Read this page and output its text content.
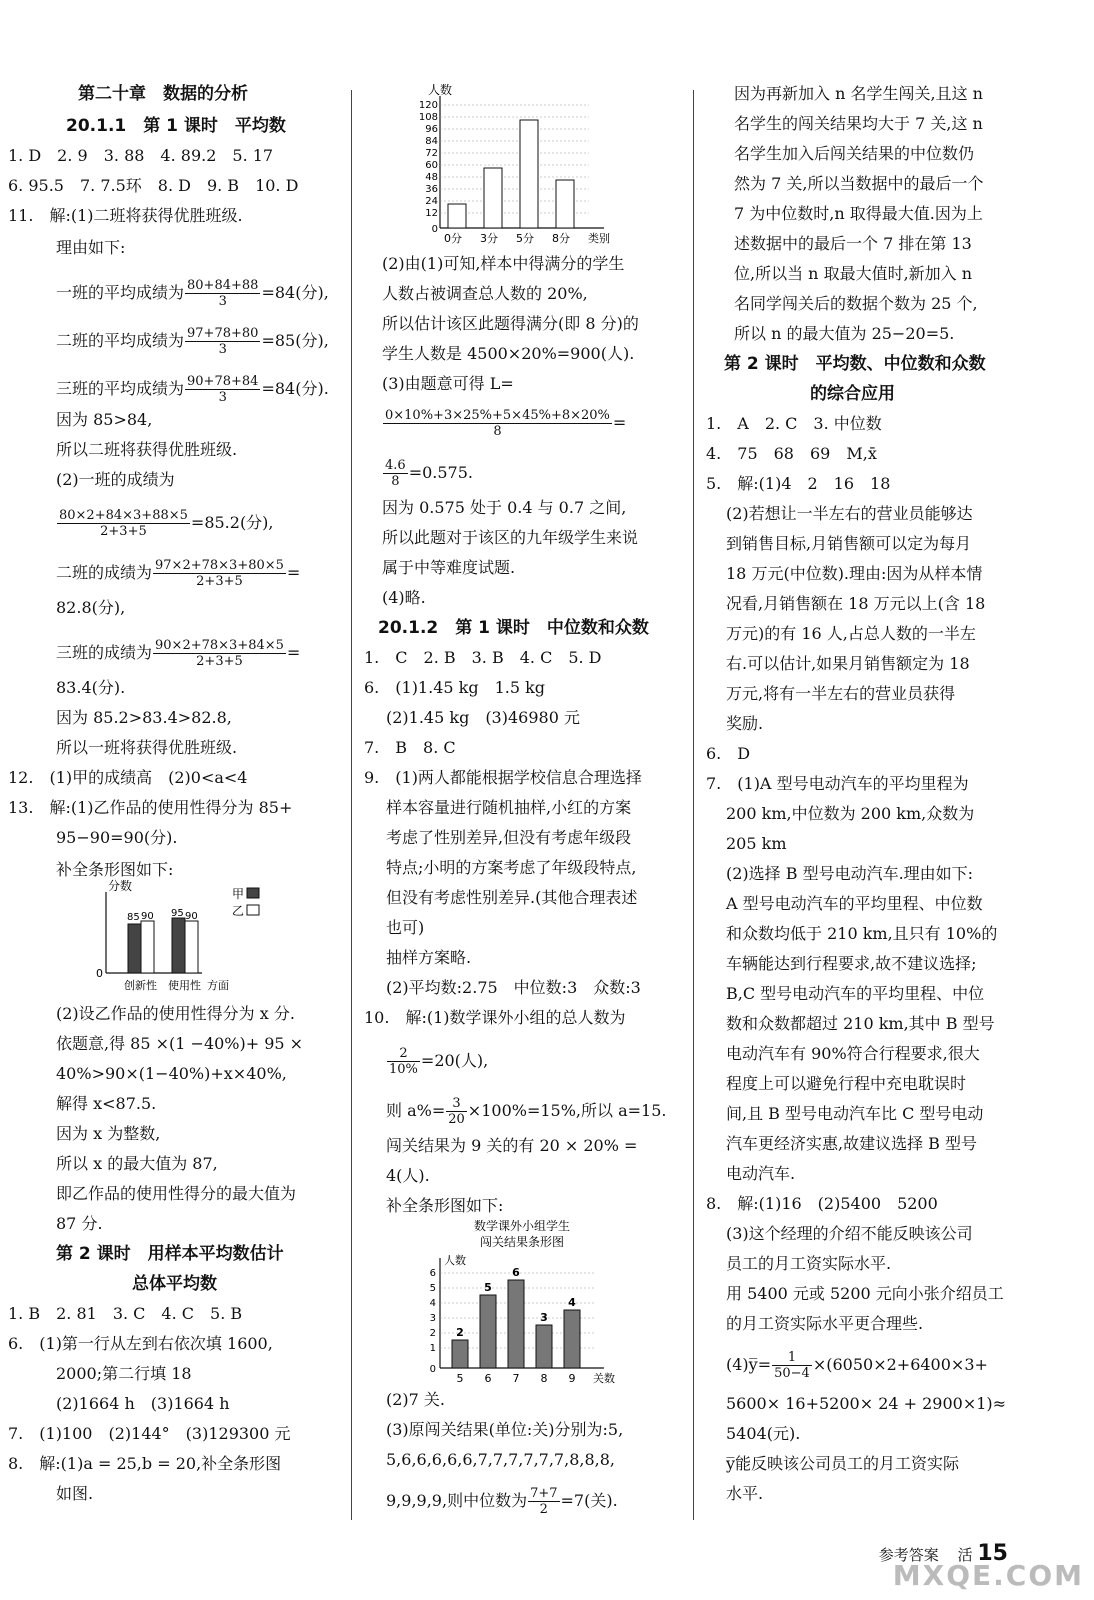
第二十章　数据的分析
20.1.1　第 1 课时　平均数
1. D　2. 9　3. 88　4. 89.2　5. 17
6. 95.5　7. 7.5环　8. D　9. B　10. D
11.　解:(1)二班将获得优胜班级.
理由如下:
一班的平均成绩为 $\frac{80+84+88}{3} =84$(分),
二班的平均成绩为 $\frac{97+78+80}{3} =85$(分),
三班的平均成绩为 $\frac{90+78+84}{3} =84$(分).
因为 85>84,
所以二班将获得优胜班级.
(2)一班的成绩为
$\frac{80\times 2+84\times 3+88\times 5}{2+3+5} =85.2$(分),
二班的成绩为 $\frac{97\times 2+78\times 3+80\times 5}{2+3+5}$ =
82.8(分),
三班的成绩为 $\frac{90\times 2+78\times 3+84\times 5}{2+3+5}$ =
83.4(分).
因为 85.2>83.4>82.8,
所以一班将获得优胜班级.
12.　(1)甲的成绩高　(2)0<a<4
13.　解:(1)乙作品的使用性得分为 85+
95−90=90(分).
补全条形图如下:
分数
0
85 90 95 90
甲
乙
创新性 使用性 方面
(2)设乙作品的使用性得分为 x 分.
依题意,得 85 ×(1 −40%)+ 95 ×
40%>90×(1−40%)+x×40%,
解得 x<87.5.
因为 x 为整数,
所以 x 的最大值为 87,
即乙作品的使用性得分的最大值为
87 分.
第 2 课时　用样本平均数估计
总体平均数
1. B　2. 81　3. C　4. C　5. B
6.　(1)第一行从左到右依次填 1600,
2000;第二行填 18
(2)1664 h　(3)1664 h
7.　(1)100　(2)144°　(3)129300 元
8.　解:(1)a = 25,b = 20,补全条形图
如图.
人数
120
108
96
84
72
60
48
36
24
12
0
0分 3分 5分 8分 类别
(2)由(1)可知,样本中得满分的学生
人数占被调查总人数的 20%,
所以估计该区此题得满分(即 8 分)的
学生人数是 4500×20%=900(人).
(3)由题意可得 L=
$\frac{0\times 10\%+3\times 25\%+5\times 45\%+8\times 20\%}{8}$ =
$\frac{4.6}{8} =0.575$.
因为 0.575 处于 0.4 与 0.7 之间,
所以此题对于该区的九年级学生来说
属于中等难度试题.
(4)略.
20.1.2　第 1 课时　中位数和众数
1.　C　2. B　3. B　4. C　5. D
6.　(1)1.45 kg　1.5 kg
(2)1.45 kg　(3)46980 元
7.　B　8. C
9.　(1)两人都能根据学校信息合理选择
样本容量进行随机抽样,小红的方案
考虑了性别差异,但没有考虑年级段
特点;小明的方案考虑了年级段特点,
但没有考虑性别差异.(其他合理表述
也可)
抽样方案略.
(2)平均数:2.75　中位数:3　众数:3
10.　解:(1)数学课外小组的总人数为
$\frac{2}{10\%} =20$(人),
则 $a\%= \frac{3}{20} \times 100\%=15\%$,所以 a=15.
闯关结果为 9 关的有 20 × 20% =
4(人).
补全条形图如下:
数学课外小组学生
闯关结果条形图
人数
6
5
4
3
2
1
0
2
5
6
3
4
5 6 7 8 9 关数
(2)7 关.
(3)原闯关结果(单位:关)分别为:5,
5,6,6,6,6,6,7,7,7,7,7,7,8,8,8,
9,9,9,9,则中位数为 $\frac{7+7}{2} =7$(关).
因为再新加入 n 名学生闯关,且这 n
名学生的闯关结果均大于 7 关,这 n
名学生加入后闯关结果的中位数仍
然为 7 关,所以当数据中的最后一个
7 为中位数时,n 取得最大值.因为上
述数据中的最后一个 7 排在第 13
位,所以当 n 取最大值时,新加入 n
名同学闯关后的数据个数为 25 个,
所以 n 的最大值为 25−20=5.
第 2 课时　平均数、中位数和众数
的综合应用
1.　A　2. C　3. 中位数
4.　75　68　69　M,x̄
5.　解:(1)4　2　16　18
(2)若想让一半左右的营业员能够达
到销售目标,月销售额可以定为每月
18 万元(中位数).理由:因为从样本情
况看,月销售额在 18 万元以上(含 18
万元)的有 16 人,占总人数的一半左
右.可以估计,如果月销售额定为 18
万元,将有一半左右的营业员获得
奖励.
6.　D
7.　(1)A 型号电动汽车的平均里程为
200 km,中位数为 200 km,众数为
205 km
(2)选择 B 型号电动汽车.理由如下:
A 型号电动汽车的平均里程、中位数
和众数均低于 210 km,且只有 10%的
车辆能达到行程要求,故不建议选择;
B,C 型号电动汽车的平均里程、中位
数和众数都超过 210 km,其中 B 型号
电动汽车有 90%符合行程要求,很大
程度上可以避免行程中充电耽误时
间,且 B 型号电动汽车比 C 型号电动
汽车更经济实惠,故建议选择 B 型号
电动汽车.
8.　解:(1)16　(2)5400　5200
(3)这个经理的介绍不能反映该公司
员工的月工资实际水平.
用 5400 元或 5200 元向小张介绍员工
的月工资实际水平更合理些.
(4)y̅= $\frac{1}{50-4} \times(6050\times 2+6400\times 3+$
5600× 16+5200× 24 + 2900×1)≈
5404(元).
y̅能反映该公司员工的月工资实际
水平.
参考答案 活 15
MXQE.COM
